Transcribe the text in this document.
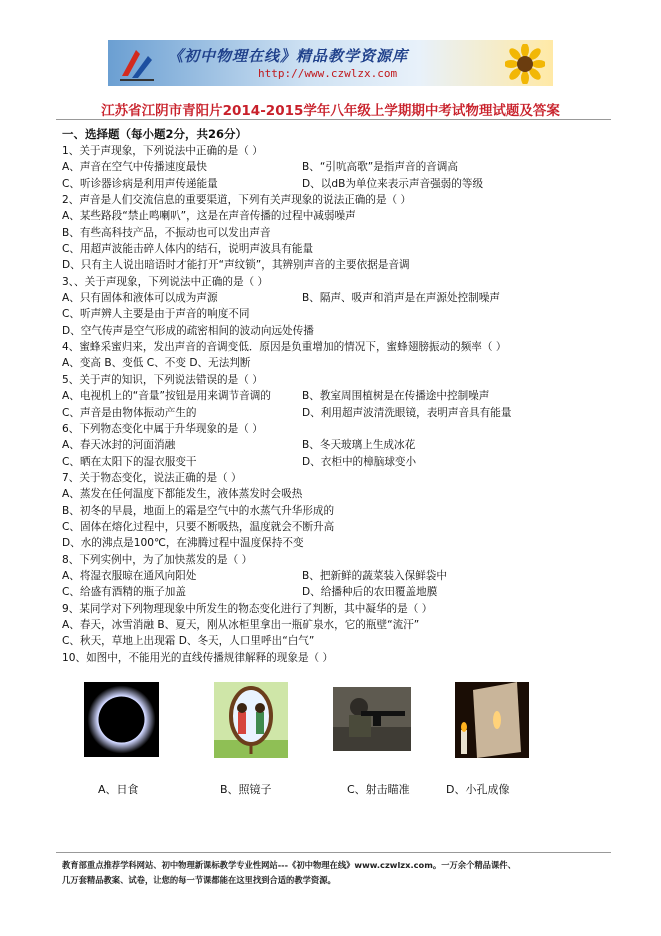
《初中物理在线》精品教学资源库
http://www.czwlzx.com
江苏省江阴市青阳片2014-2015学年八年级上学期期中考试物理试题及答案
一、选择题（每小题2分，共26分）
1、关于声现象，下列说法中正确的是（ ）
A、声音在空气中传播速度最快	B、“引吭高歌”是指声音的音调高
C、听诊器诊病是利用声传递能量	D、以dB为单位来表示声音强弱的等级
2、声音是人们交流信息的重要渠道，下列有关声现象的说法正确的是（ ）
A、某些路段“禁止鸣喇叭”，这是在声音传播的过程中减弱噪声
B、有些高科技产品，不振动也可以发出声音
C、用超声波能击碎人体内的结石，说明声波具有能量
D、只有主人说出暗语时才能打开“声纹锁”，其辨别声音的主要依据是音调
3、、关于声现象，下列说法中正确的是（ ）
A、只有固体和液体可以成为声源	B、隔声、吸声和消声是在声源处控制噪声
C、听声辨人主要是由于声音的响度不同
D、空气传声是空气形成的疏密相间的波动向远处传播
4、蜜蜂采蜜归来，发出声音的音调变低．原因是负重增加的情况下，蜜蜂翅膀振动的频率（ ）
A、变高 B、变低 C、不变 D、无法判断
5、关于声的知识，下列说法错误的是（ ）
A、电视机上的“音量”按钮是用来调节音调的	B、教室周围植树是在传播途中控制噪声
C、声音是由物体振动产生的	D、利用超声波清洗眼镜，表明声音具有能量
6、下列物态变化中属于升华现象的是（ ）
A、春天冰封的河面消融	B、冬天玻璃上生成冰花
C、晒在太阳下的湿衣服变干	D、衣柜中的樟脑球变小
7、关于物态变化，说法正确的是（ ）
A、蒸发在任何温度下都能发生，液体蒸发时会吸热
B、初冬的早晨，地面上的霜是空气中的水蒸气升华形成的
C、固体在熔化过程中，只要不断吸热，温度就会不断升高
D、水的沸点是100℃，在沸腾过程中温度保持不变
8、下列实例中，为了加快蒸发的是（ ）
A、将湿衣服晾在通风向阳处	B、把新鲜的蔬菜装入保鲜袋中
C、给盛有酒精的瓶子加盖	D、给播种后的农田覆盖地膜
9、某同学对下列物理现象中所发生的物态变化进行了判断，其中凝华的是（ ）
A、春天，冰雪消融 B、夏天，刚从冰柜里拿出一瓶矿泉水，它的瓶壁“流汗”
C、秋天，草地上出现霜 D、冬天，人口里呼出“白气”
10、如图中，不能用光的直线传播规律解释的现象是（ ）
A、日食	B、照镜子	C、射击瞄准	D、小孔成像
教育部重点推荐学科网站、初中物理新课标教学专业性网站---《初中物理在线》www.czwlzx.com。一万余个精品课件、
几万套精品教案、试卷，让您的每一节课都能在这里找到合适的教学资源。
